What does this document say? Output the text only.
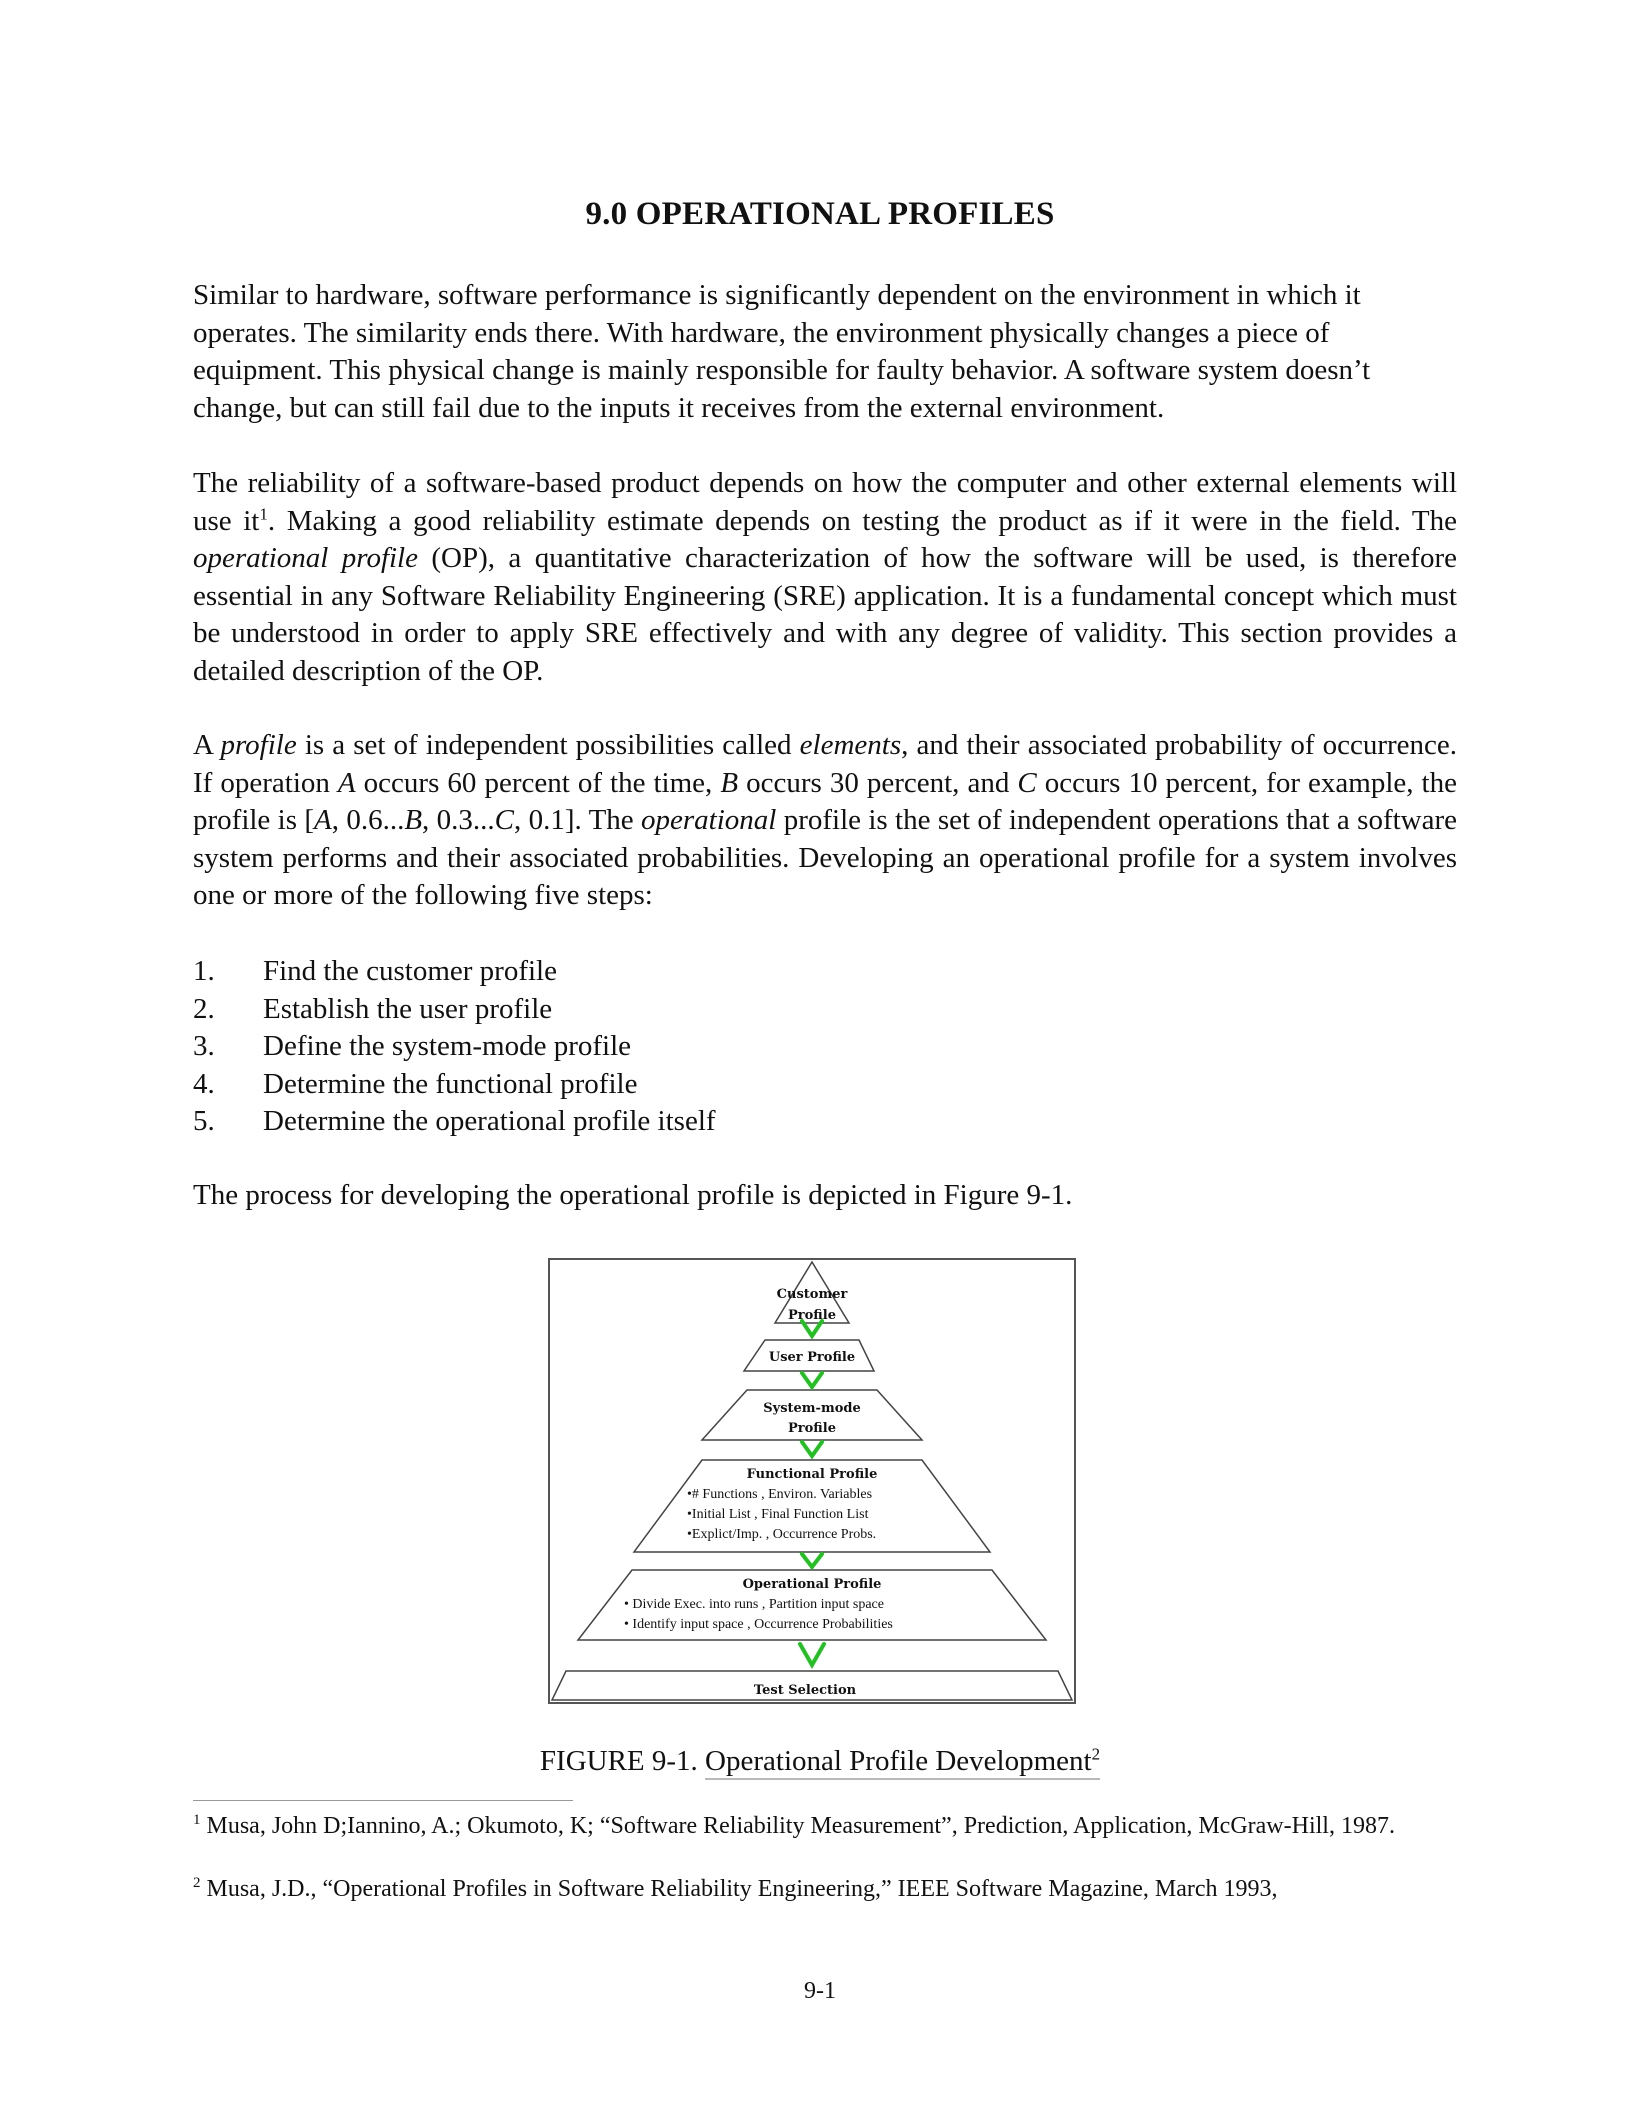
9.0 OPERATIONAL PROFILES

Similar to hardware, software performance is significantly dependent on the environment in which it operates. The similarity ends there. With hardware, the environment physically changes a piece of equipment. This physical change is mainly responsible for faulty behavior. A software system doesn’t change, but can still fail due to the inputs it receives from the external environment.

The reliability of a software-based product depends on how the computer and other external elements will use $it^1$. Making a good reliability estimate depends on testing the product as if it were in the field. The operational profile (OP), a quantitative characterization of how the software will be used, is therefore essential in any Software Reliability Engineering (SRE) application. It is a fundamental concept which must be understood in order to apply SRE effectively and with any degree of validity. This section provides a detailed description of the OP.

A profile is a set of independent possibilities called elements, and their associated probability of occurrence. If operation A occurs 60 percent of the time, B occurs 30 percent, and C occurs 10 percent, for example, the profile is [A, 0.6...B, 0.3...C, 0.1]. The operational profile is the set of independent operations that a software system performs and their associated probabilities. Developing an operational profile for a system involves one or more of the following five steps:

1. Find the customer profile
2. Establish the user profile
3. Define the system-mode profile
4. Determine the functional profile
5. Determine the operational profile itself

The process for developing the operational profile is depicted in Figure 9-1.

Customer
Profile
User Profile
System-mode
Profile
Functional Profile
•# Functions , Environ. Variables
•Initial List , Final Function List
•Explict/Imp. , Occurrence Probs.
Operational Profile
• Divide Exec. into runs , Partition input space
• Identify input space , Occurrence Probabilities
Test Selection
FIGURE 9-1. Operational Profile Development$^2$

$^1$ Musa, John D;Iannino, A.; Okumoto, K; “Software Reliability Measurement”, Prediction, Application, McGraw-Hill, 1987.

$^2$ Musa, J.D., “Operational Profiles in Software Reliability Engineering,” IEEE Software Magazine, March 1993,

9-1
